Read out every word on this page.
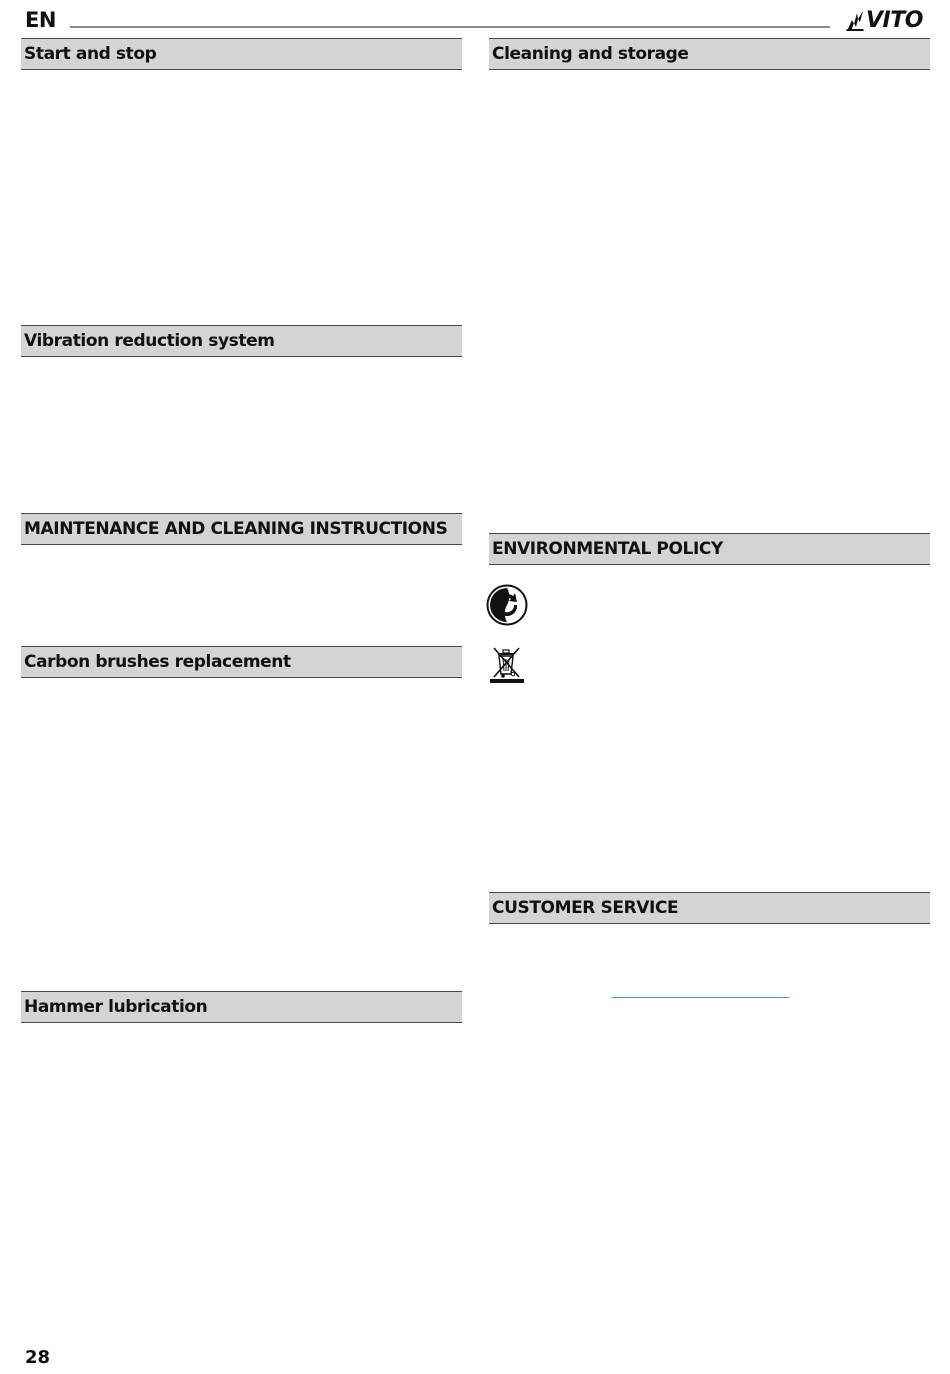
EN	VITO
Start and stop
Vibration reduction system
MAINTENANCE AND CLEANING INSTRUCTIONS
Carbon brushes replacement
Hammer lubrication
Cleaning and storage
ENVIRONMENTAL POLICY
CUSTOMER SERVICE
28
